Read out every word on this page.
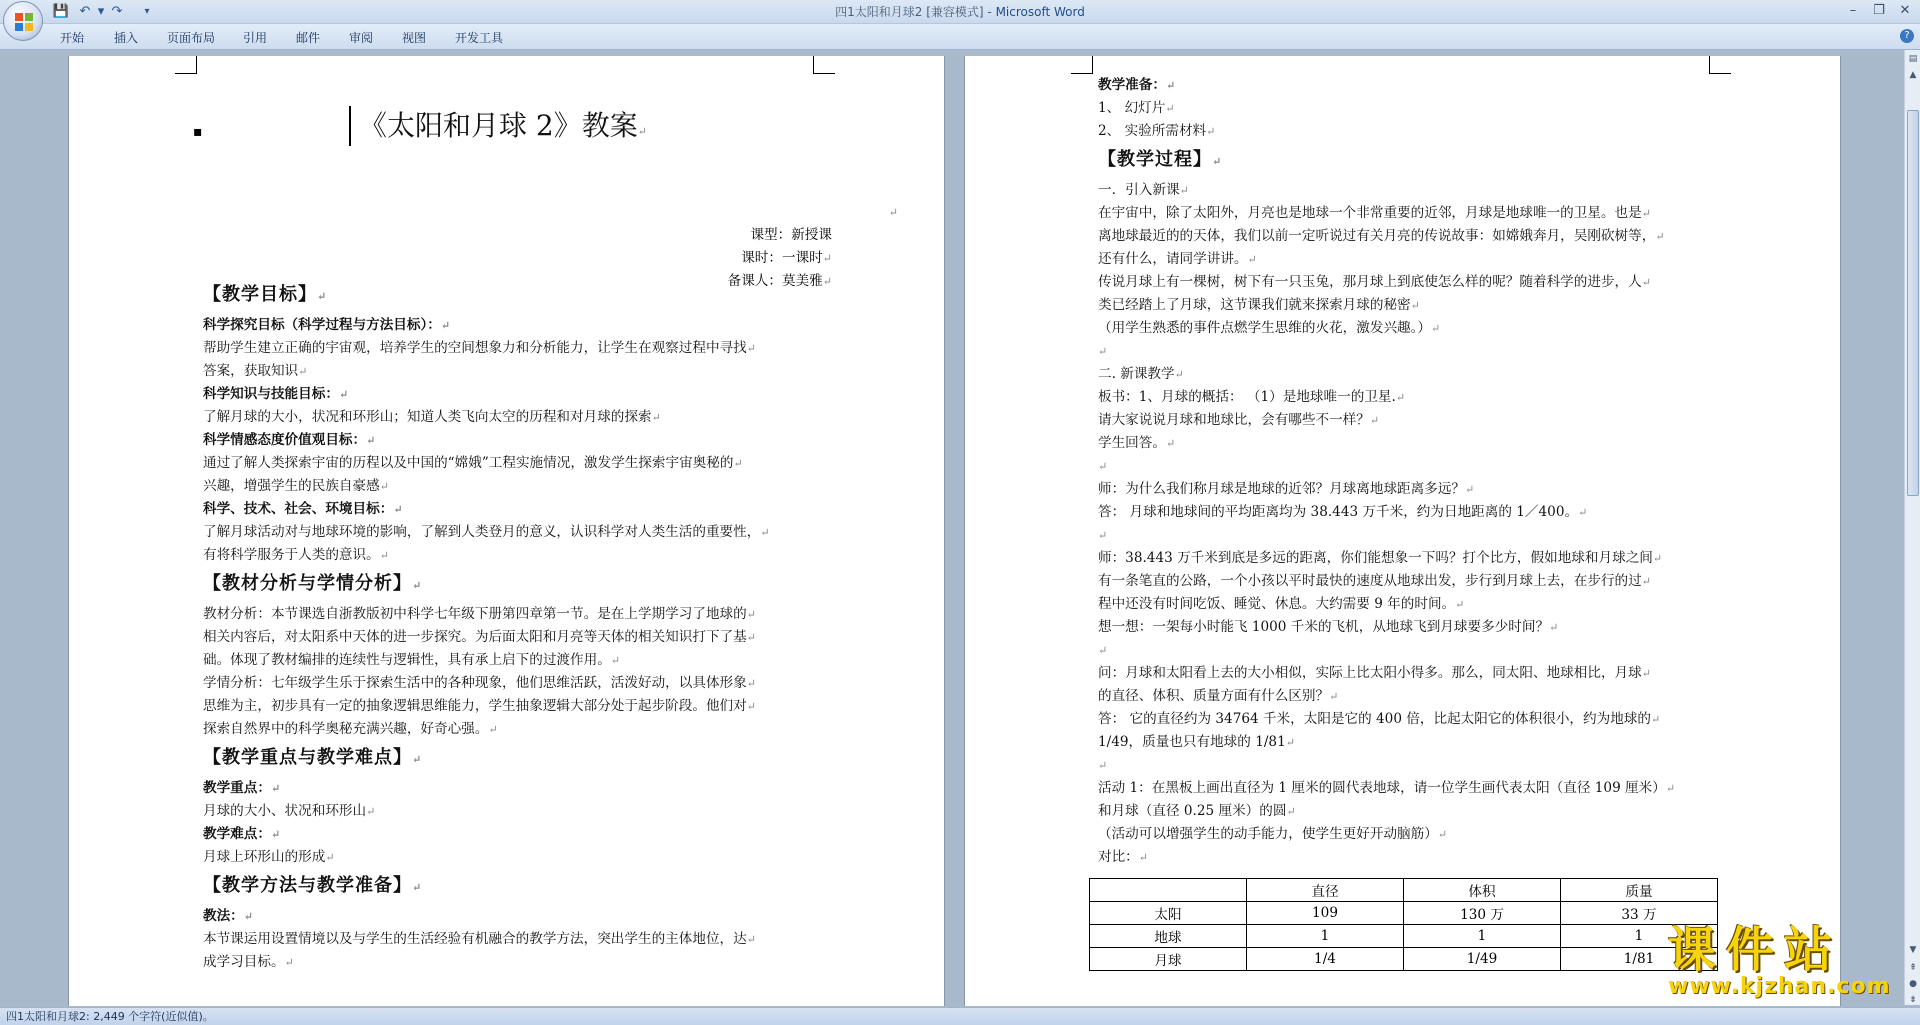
💾 ↶ ▾ ↷	▾	四1太阳和月球2 [兼容模式] - Microsoft Word	–	❐	✕
开始 插入 页面布局 引用 邮件 审阅 视图 开发工具	?
▪	《太阳和月球 2》教案↵
↵

课型：新授课

课时：一课时↵

备课人：莫美雅↵

【教学目标】↵

科学探究目标（科学过程与方法目标）：↵

帮助学生建立正确的宇宙观，培养学生的空间想象力和分析能力，让学生在观察过程中寻找↵

答案，获取知识↵

科学知识与技能目标：↵

了解月球的大小，状况和环形山；知道人类飞向太空的历程和对月球的探索↵

科学情感态度价值观目标：↵

通过了解人类探索宇宙的历程以及中国的“嫦娥”工程实施情况，激发学生探索宇宙奥秘的↵

兴趣，增强学生的民族自豪感↵

科学、技术、社会、环境目标：↵

了解月球活动对与地球环境的影响，了解到人类登月的意义，认识科学对人类生活的重要性，↵

有将科学服务于人类的意识。↵

【教材分析与学情分析】↵

教材分析：本节课选自浙教版初中科学七年级下册第四章第一节。是在上学期学习了地球的↵

相关内容后，对太阳系中天体的进一步探究。为后面太阳和月亮等天体的相关知识打下了基↵

础。体现了教材编排的连续性与逻辑性，具有承上启下的过渡作用。↵

学情分析：七年级学生乐于探索生活中的各种现象，他们思维活跃，活泼好动，以具体形象↵

思维为主，初步具有一定的抽象逻辑思维能力，学生抽象逻辑大部分处于起步阶段。他们对↵

探索自然界中的科学奥秘充满兴趣，好奇心强。↵

【教学重点与教学难点】↵

教学重点：↵

月球的大小、状况和环形山↵

教学难点：↵

月球上环形山的形成↵

【教学方法与教学准备】↵

教法：↵

本节课运用设置情境以及与学生的生活经验有机融合的教学方法，突出学生的主体地位，达↵

成学习目标。↵

教学准备：↵

1、 幻灯片↵

2、 实验所需材料↵

【教学过程】↵

一．引入新课↵

在宇宙中，除了太阳外，月亮也是地球一个非常重要的近邻，月球是地球唯一的卫星。也是↵

离地球最近的的天体，我们以前一定听说过有关月亮的传说故事：如嫦娥奔月，吴刚砍树等，↵

还有什么，请同学讲讲。↵

传说月球上有一棵树，树下有一只玉兔，那月球上到底使怎么样的呢？随着科学的进步，人↵

类已经踏上了月球，这节课我们就来探索月球的秘密↵

（用学生熟悉的事件点燃学生思维的火花，激发兴趣。）↵

↵

二. 新课教学↵

板书：1、月球的概括： （1）是地球唯一的卫星.↵

请大家说说月球和地球比，会有哪些不一样？↵

学生回答。↵

↵

师：为什么我们称月球是地球的近邻？月球离地球距离多远？↵

答： 月球和地球间的平均距离均为 38.443 万千米，约为日地距离的 1／400。↵

↵

师：38.443 万千米到底是多远的距离，你们能想象一下吗？打个比方，假如地球和月球之间↵

有一条笔直的公路，一个小孩以平时最快的速度从地球出发，步行到月球上去，在步行的过↵

程中还没有时间吃饭、睡觉、休息。大约需要 9 年的时间。↵

想一想：一架每小时能飞 1000 千米的飞机，从地球飞到月球要多少时间？↵

↵

问：月球和太阳看上去的大小相似，实际上比太阳小得多。那么，同太阳、地球相比，月球↵

的直径、体积、质量方面有什么区别？↵

答： 它的直径约为 34764 千米，太阳是它的 400 倍，比起太阳它的体积很小，约为地球的↵

1/49，质量也只有地球的 1/81↵

↵

活动 1：在黑板上画出直径为 1 厘米的圆代表地球，请一位学生画代表太阳（直径 109 厘米）↵

和月球（直径 0.25 厘米）的圆↵

（活动可以增强学生的动手能力，使学生更好开动脑筋）↵

对比：↵

	直径	体积	质量
太阳	109	130 万	33 万
地球	1	1	1
月球	1/4	1/49	1/81
▤
▲
▼
⇞
●
⇟
四1太阳和月球2: 2,449 个字符(近似值)。
课件站
www.kjzhan.com
